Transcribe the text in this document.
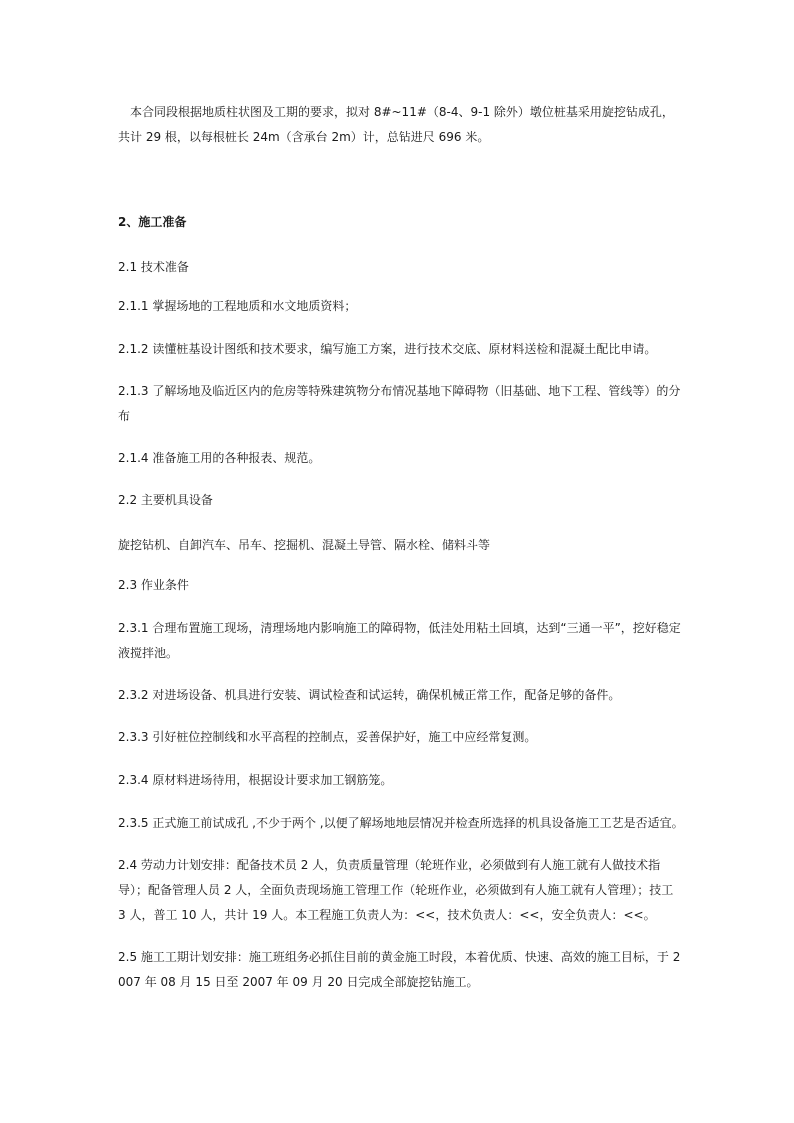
本合同段根据地质柱状图及工期的要求，拟对 8#~11#（8-4、9-1 除外）墩位桩基采用旋挖钻成孔，共计 29 根，以每根桩长 24m（含承台 2m）计，总钻进尺 696 米。

2、施工准备

2.1 技术准备

2.1.1 掌握场地的工程地质和水文地质资料；

2.1.2 读懂桩基设计图纸和技术要求，编写施工方案，进行技术交底、原材料送检和混凝土配比申请。

2.1.3 了解场地及临近区内的危房等特殊建筑物分布情况基地下障碍物（旧基础、地下工程、管线等）的分布

2.1.4 准备施工用的各种报表、规范。

2.2 主要机具设备

旋挖钻机、自卸汽车、吊车、挖掘机、混凝土导管、隔水栓、储料斗等

2.3 作业条件

2.3.1 合理布置施工现场，清理场地内影响施工的障碍物，低洼处用粘土回填，达到“三通一平”，挖好稳定液搅拌池。

2.3.2 对进场设备、机具进行安装、调试检查和试运转，确保机械正常工作，配备足够的备件。

2.3.3 引好桩位控制线和水平高程的控制点，妥善保护好，施工中应经常复测。

2.3.4 原材料进场待用，根据设计要求加工钢筋笼。

2.3.5 正式施工前试成孔 ,不少于两个 ,以便了解场地地层情况并检查所选择的机具设备施工工艺是否适宜。

2.4 劳动力计划安排：配备技术员 2 人，负责质量管理（轮班作业，必须做到有人施工就有人做技术指导）；配备管理人员 2 人，全面负责现场施工管理工作（轮班作业，必须做到有人施工就有人管理）；技工 3 人，普工 10 人，共计 19 人。本工程施工负责人为：<<，技术负责人：<<，安全负责人：<<。

2.5 施工工期计划安排：施工班组务必抓住目前的黄金施工时段，本着优质、快速、高效的施工目标，于 2007 年 08 月 15 日至 2007 年 09 月 20 日完成全部旋挖钻施工。
